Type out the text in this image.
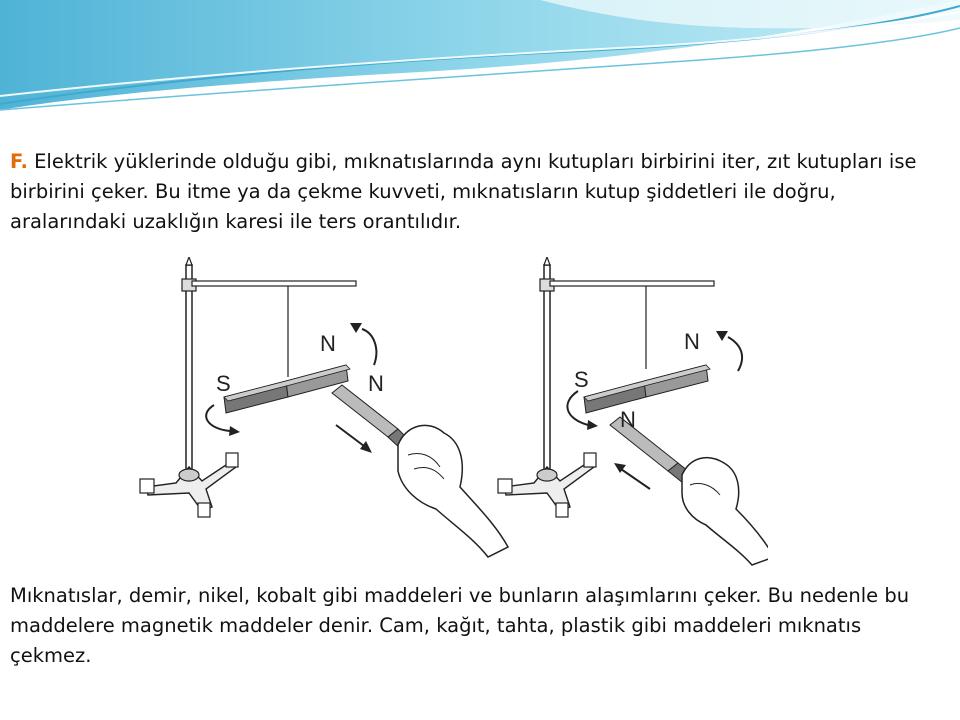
F. Elektrik yüklerinde olduğu gibi, mıknatıslarında aynı kutupları birbirini iter, zıt kutupları ise birbirini çeker. Bu itme ya da çekme kuvveti, mıknatısların kutup şiddetleri ile doğru, aralarındaki uzaklığın karesi ile ters orantılıdır.

S
N
N	S
N
N

Mıknatıslar, demir, nikel, kobalt gibi maddeleri ve bunların alaşımlarını çeker. Bu nedenle bu maddelere magnetik maddeler denir. Cam, kağıt, tahta, plastik gibi maddeleri mıknatıs çekmez.
